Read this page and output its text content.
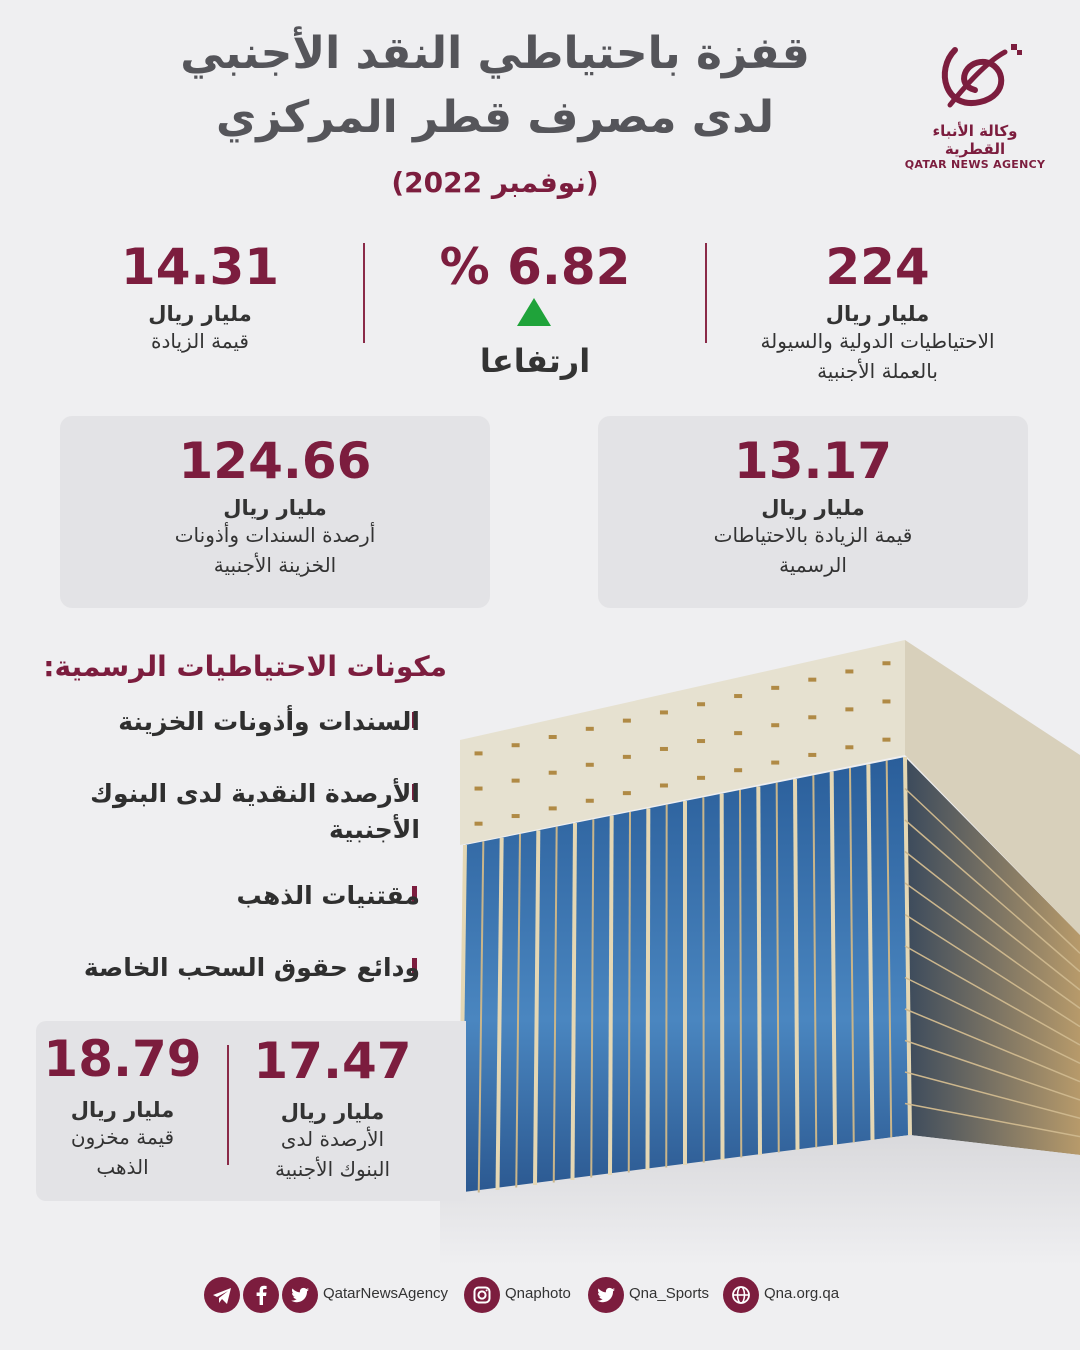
قفزة باحتياطي النقد الأجنبي
لدى مصرف قطر المركزي
(نوفمبر 2022)
وكالة الأنباء القطرية
QATAR NEWS AGENCY
224
مليار ريال
الاحتياطيات الدولية والسيولة
بالعملة الأجنبية
% 6.82
ارتفاعا
14.31
مليار ريال
قيمة الزيادة
13.17
مليار ريال
قيمة الزيادة بالاحتياطات
الرسمية
124.66
مليار ريال
أرصدة السندات وأذونات
الخزينة الأجنبية
مكونات الاحتياطيات الرسمية:
السندات وأذونات الخزينة
الأرصدة النقدية لدى البنوك
الأجنبية
مقتنيات الذهب
ودائع حقوق السحب الخاصة
17.47
مليار ريال
الأرصدة لدى
البنوك الأجنبية
18.79
مليار ريال
قيمة مخزون
الذهب
QatarNewsAgency	Qnaphoto	Qna_Sports	Qna.org.qa
